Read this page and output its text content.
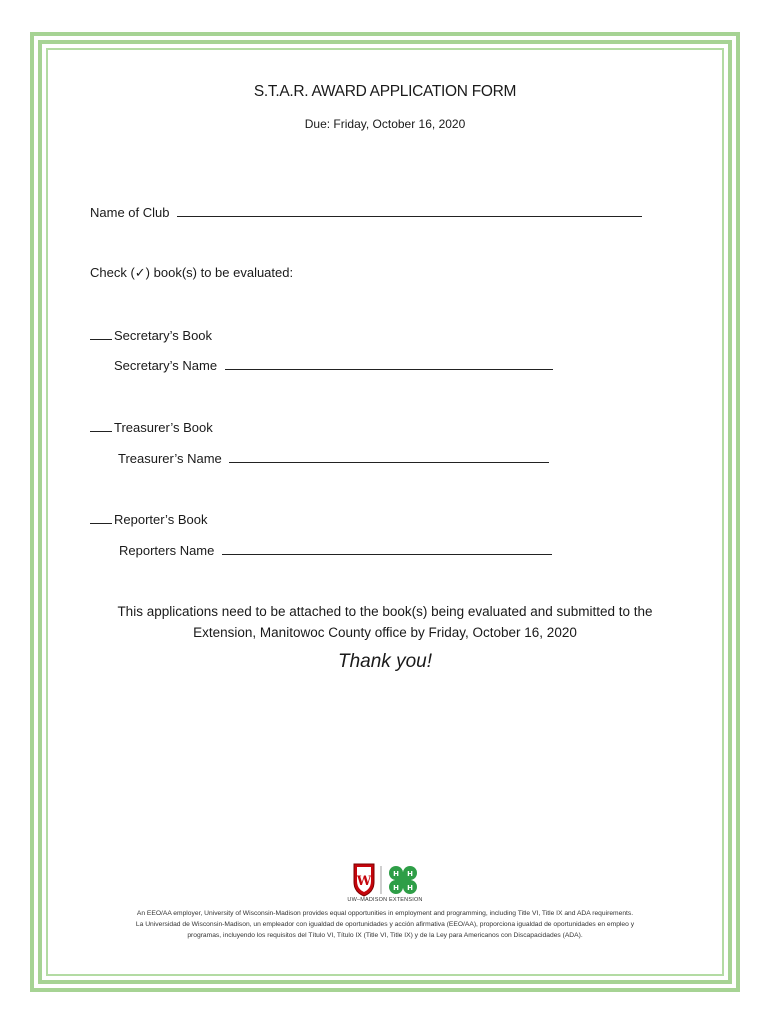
S.T.A.R. AWARD APPLICATION FORM
Due: Friday, October 16, 2020
Name of Club
Check (✓) book(s) to be evaluated:
Secretary’s Book
Secretary’s Name
Treasurer’s Book
Treasurer’s Name
Reporter’s Book
Reporters Name
This applications need to be attached to the book(s) being evaluated and submitted to the
Extension, Manitowoc County office by Friday, October 16, 2020
Thank you!
W	H H
H H
UW–MADISON EXTENSION
An EEO/AA employer, University of Wisconsin-Madison provides equal opportunities in employment and programming, including Title VI, Title IX and ADA requirements.
La Universidad de Wisconsin-Madison, un empleador con igualdad de oportunidades y acción afirmativa (EEO/AA), proporciona igualdad de oportunidades en empleo y
programas, incluyendo los requisitos del Título VI, Título IX (Title VI, Title IX) y de la Ley para Americanos con Discapacidades (ADA).
